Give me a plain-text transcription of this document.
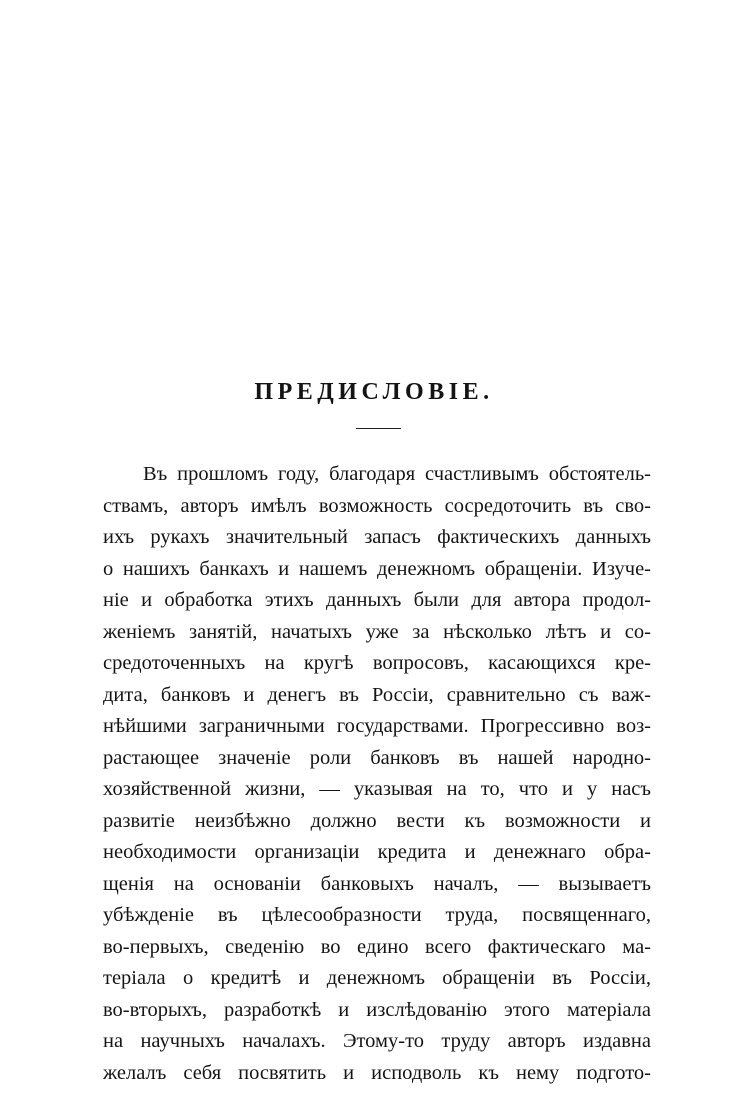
ПРЕДИСЛОВІЕ.
Въ прошломъ году, благодаря счастливымъ обстоятель-
ствамъ, авторъ имѣлъ возможность сосредоточить въ сво-
ихъ рукахъ значительный запасъ фактическихъ данныхъ
о нашихъ банкахъ и нашемъ денежномъ обращеніи. Изуче-
ніе и обработка этихъ данныхъ были для автора продол-
женіемъ занятій, начатыхъ уже за нѣсколько лѣтъ и со-
средоточенныхъ на кругѣ вопросовъ, касающихся кре-
дита, банковъ и денегъ въ Россіи, сравнительно съ важ-
нѣйшими заграничными государствами. Прогрессивно воз-
растающее значеніе роли банковъ въ нашей народно-
хозяйственной жизни, — указывая на то, что и у насъ
развитіе неизбѣжно должно вести къ возможности и
необходимости организаціи кредита и денежнаго обра-
щенія на основаніи банковыхъ началъ, — вызываетъ
убѣжденіе въ цѣлесообразности труда, посвященнаго,
во-первыхъ, сведенію во едино всего фактическаго ма-
теріала о кредитѣ и денежномъ обращеніи въ Россіи,
во-вторыхъ, разработкѣ и изслѣдованію этого матеріала
на научныхъ началахъ. Этому-то труду авторъ издавна
желалъ себя посвятить и исподволь къ нему подгото-
